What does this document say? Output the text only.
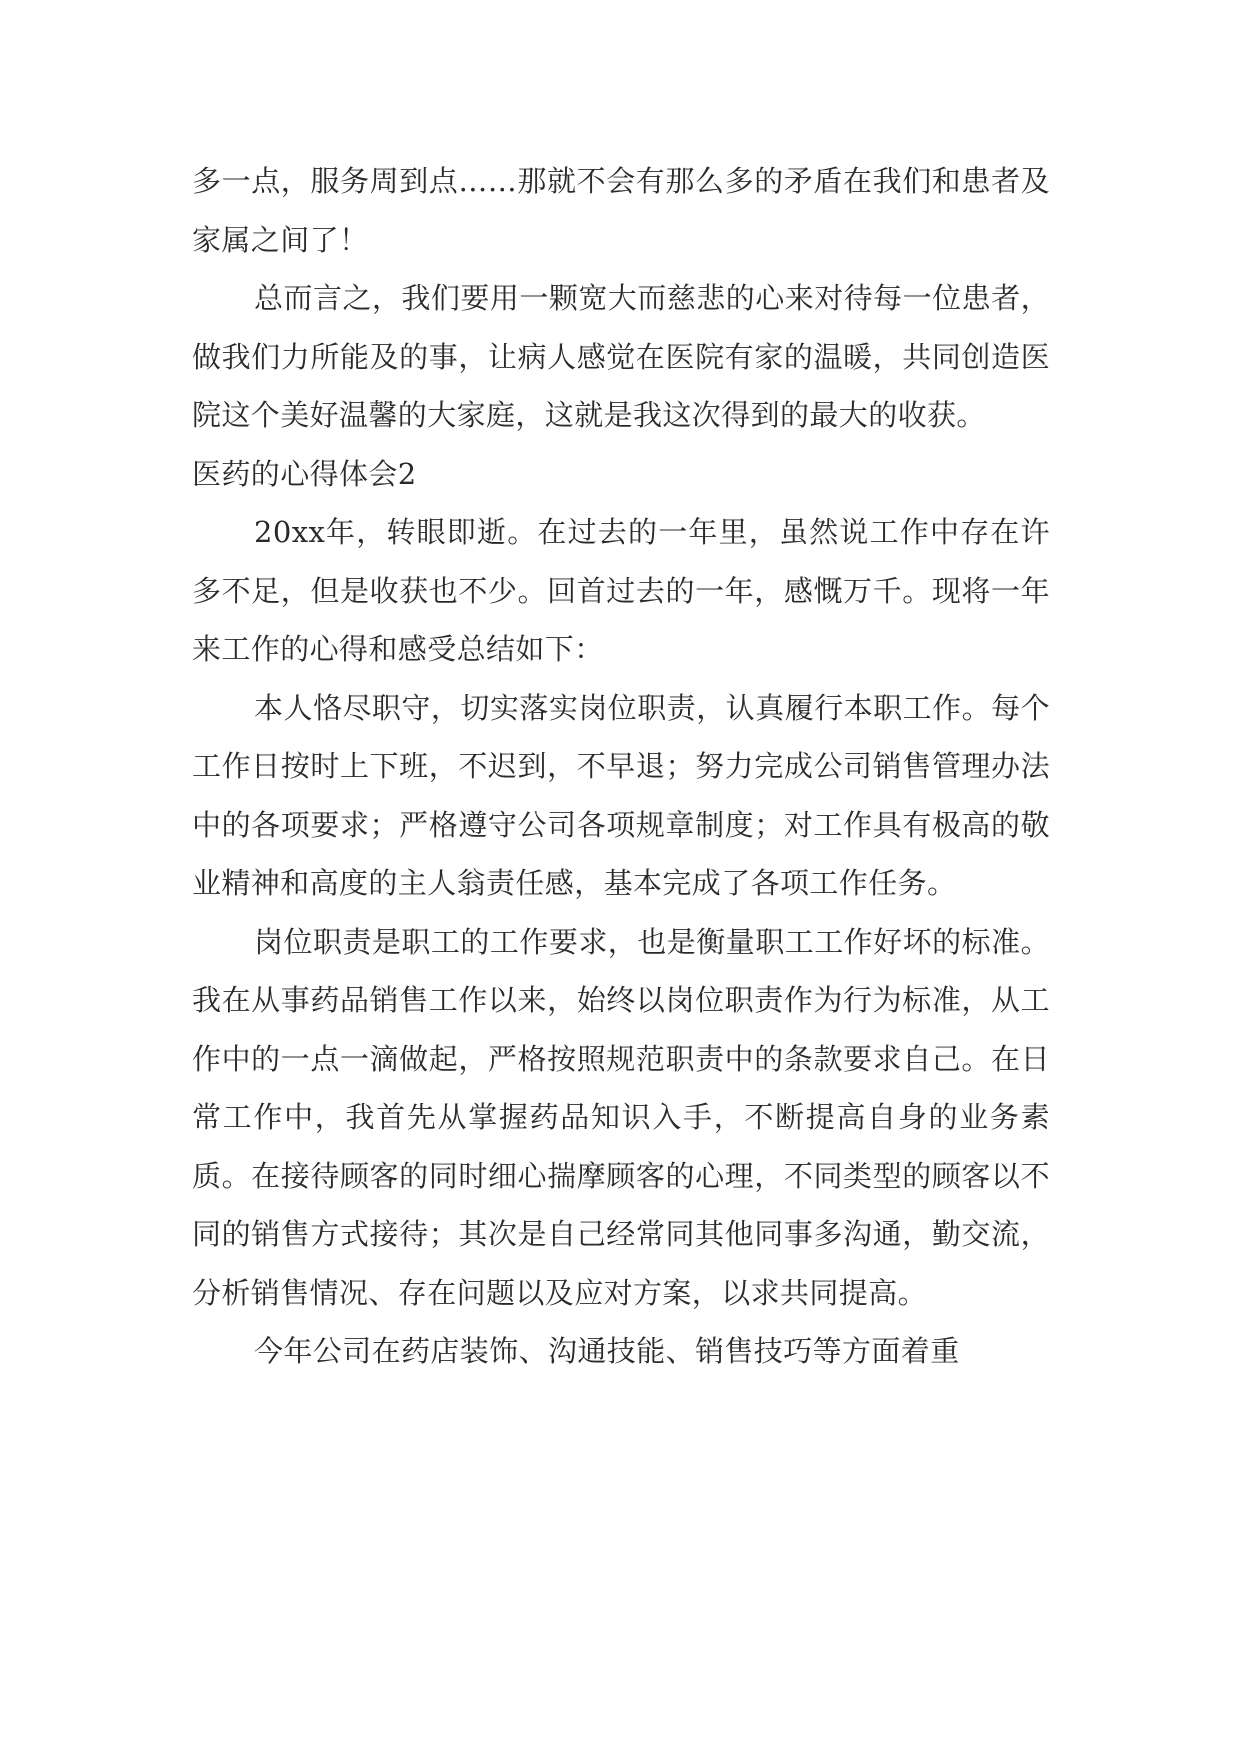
多一点，服务周到点……那就不会有那么多的矛盾在我们和患者及家属之间了！

总而言之，我们要用一颗宽大而慈悲的心来对待每一位患者，做我们力所能及的事，让病人感觉在医院有家的温暖，共同创造医院这个美好温馨的大家庭，这就是我这次得到的最大的收获。

医药的心得体会2

20xx年，转眼即逝。在过去的一年里，虽然说工作中存在许多不足，但是收获也不少。回首过去的一年，感慨万千。现将一年来工作的心得和感受总结如下：

本人恪尽职守，切实落实岗位职责，认真履行本职工作。每个工作日按时上下班，不迟到，不早退；努力完成公司销售管理办法中的各项要求；严格遵守公司各项规章制度；对工作具有极高的敬业精神和高度的主人翁责任感，基本完成了各项工作任务。

岗位职责是职工的工作要求，也是衡量职工工作好坏的标准。我在从事药品销售工作以来，始终以岗位职责作为行为标准，从工作中的一点一滴做起，严格按照规范职责中的条款要求自己。在日常工作中，我首先从掌握药品知识入手，不断提高自身的业务素质。在接待顾客的同时细心揣摩顾客的心理，不同类型的顾客以不同的销售方式接待；其次是自己经常同其他同事多沟通，勤交流，分析销售情况、存在问题以及应对方案，以求共同提高。

今年公司在药店装饰、沟通技能、销售技巧等方面着重
